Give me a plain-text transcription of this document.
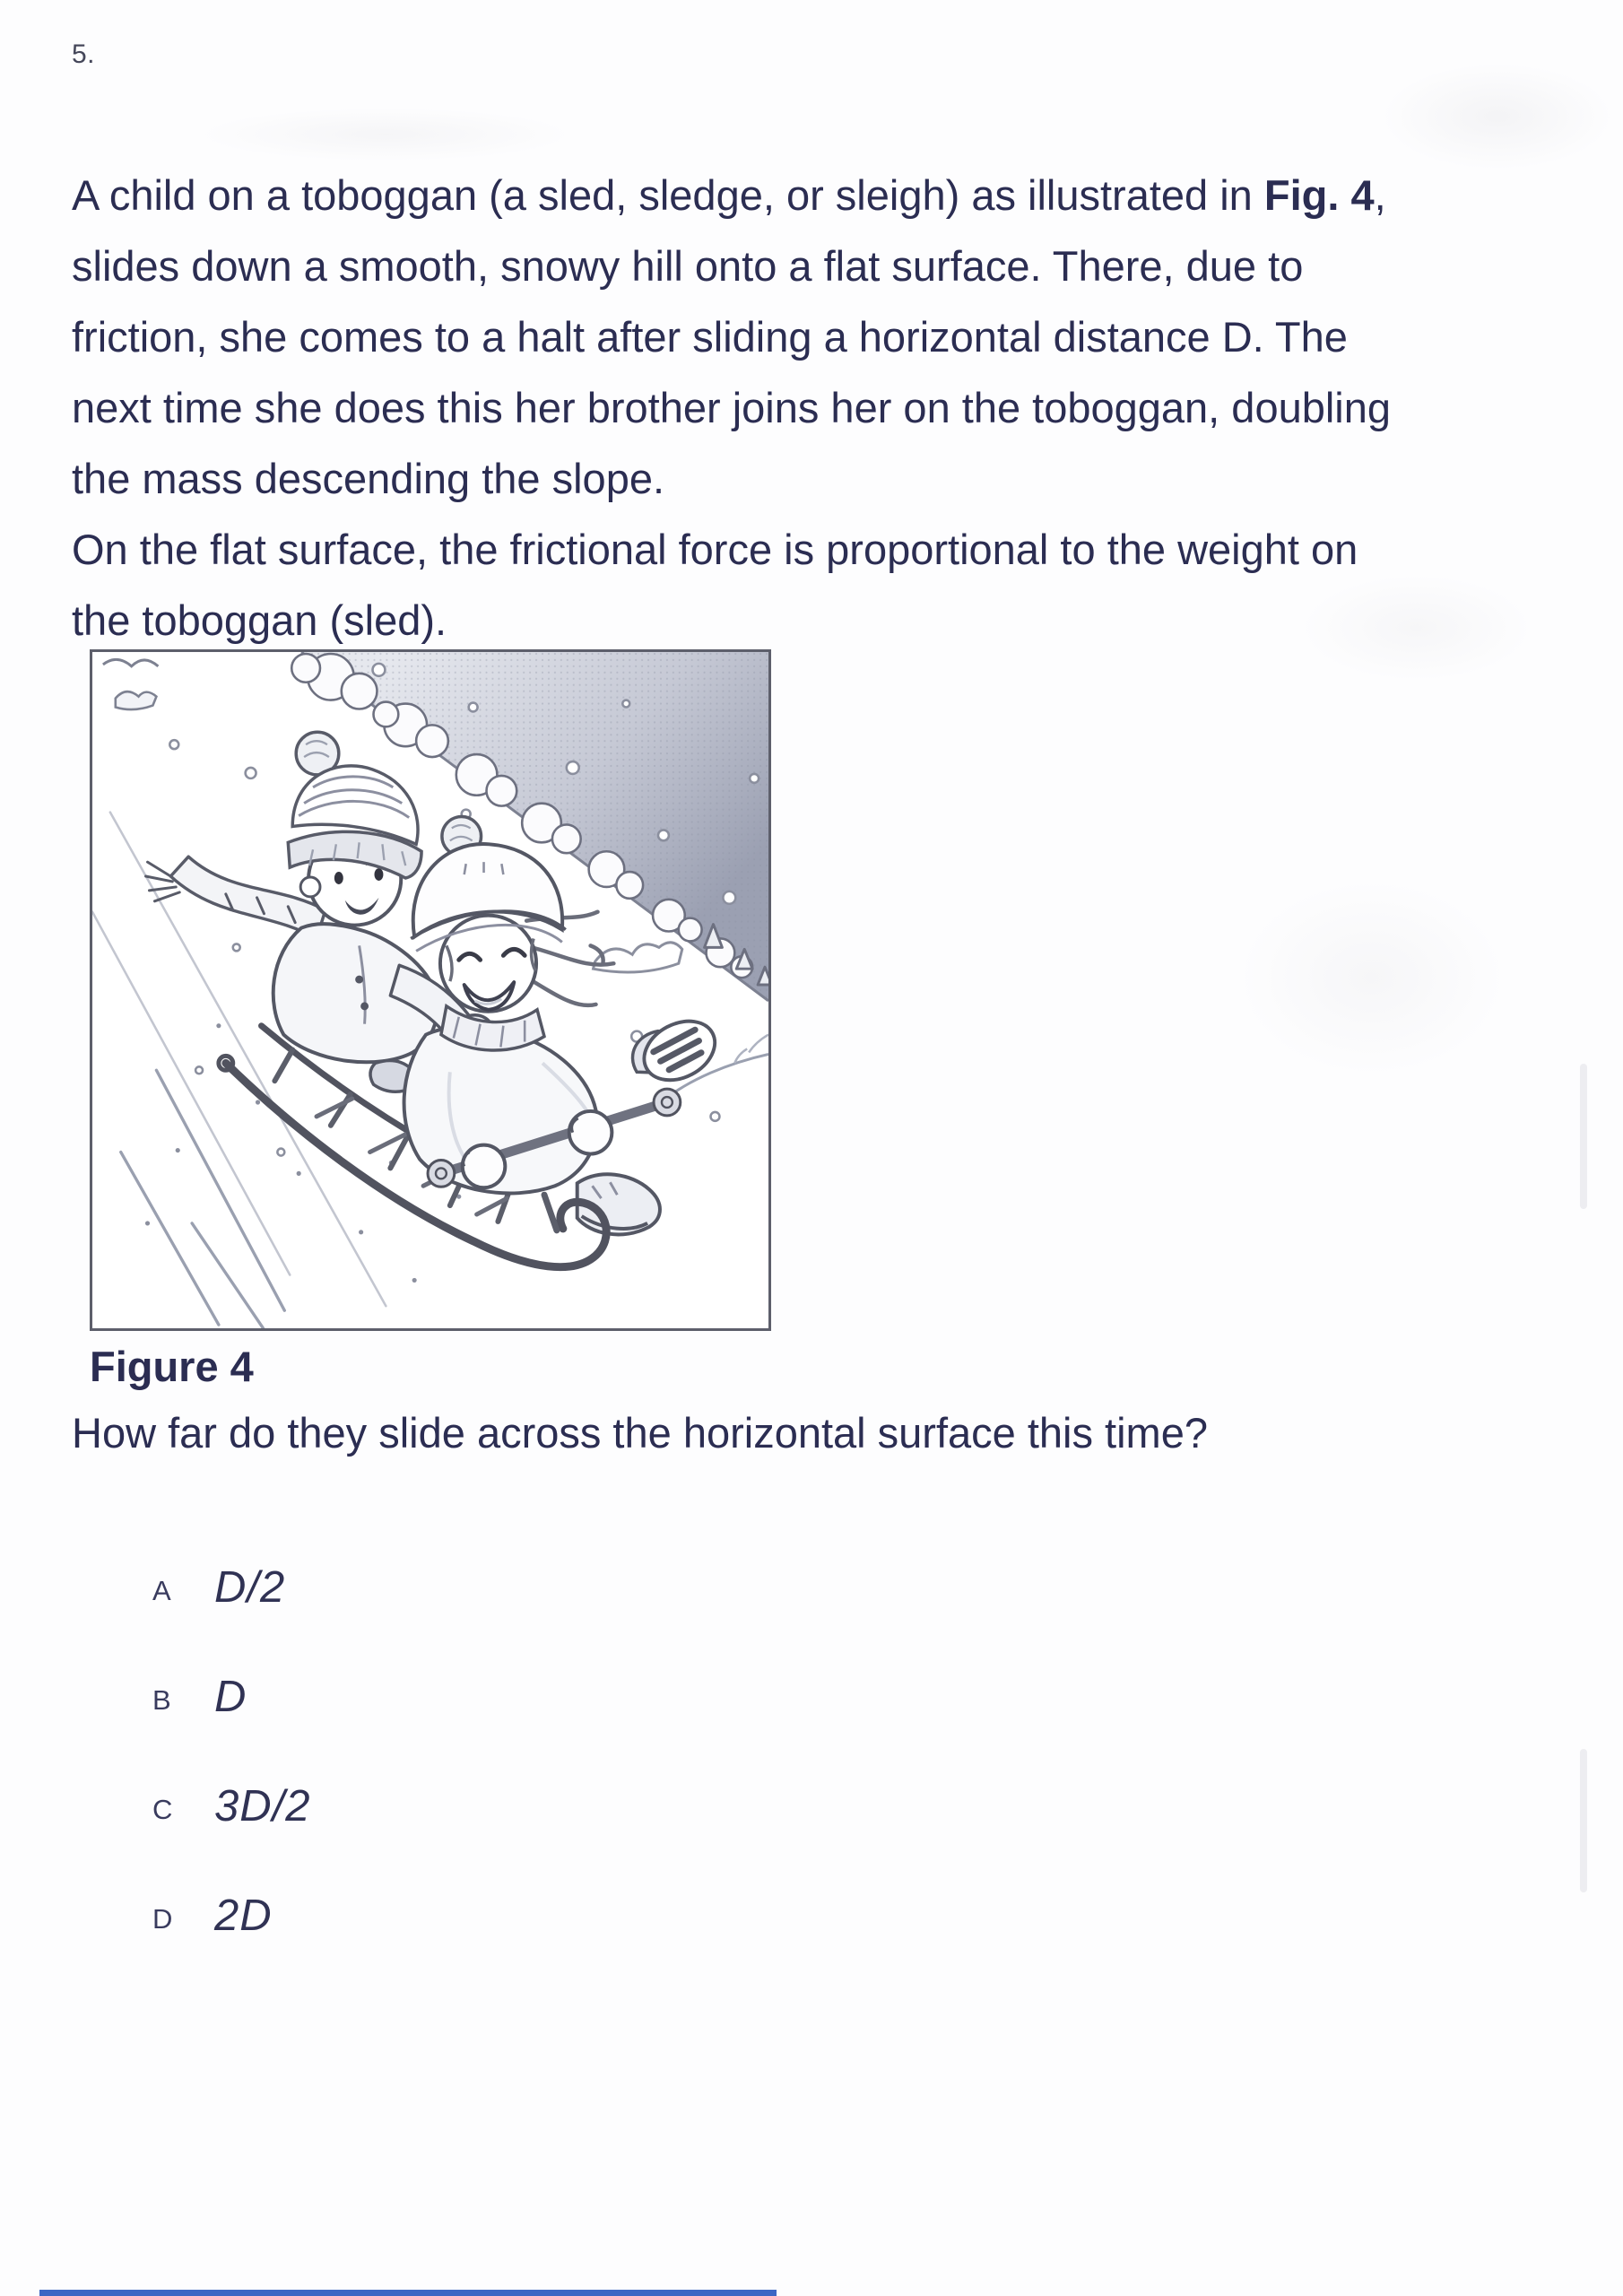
5.
A child on a toboggan (a sled, sledge, or sleigh) as illustrated in Fig. 4,
slides down a smooth, snowy hill onto a flat surface. There, due to
friction, she comes to a halt after sliding a horizontal distance D. The
next time she does this her brother joins her on the toboggan, doubling
the mass descending the slope.
On the flat surface, the frictional force is proportional to the weight on
the toboggan (sled).
Figure 4
How far do they slide across the horizontal surface this time?
A D/2
B D
C 3D/2
D 2D
